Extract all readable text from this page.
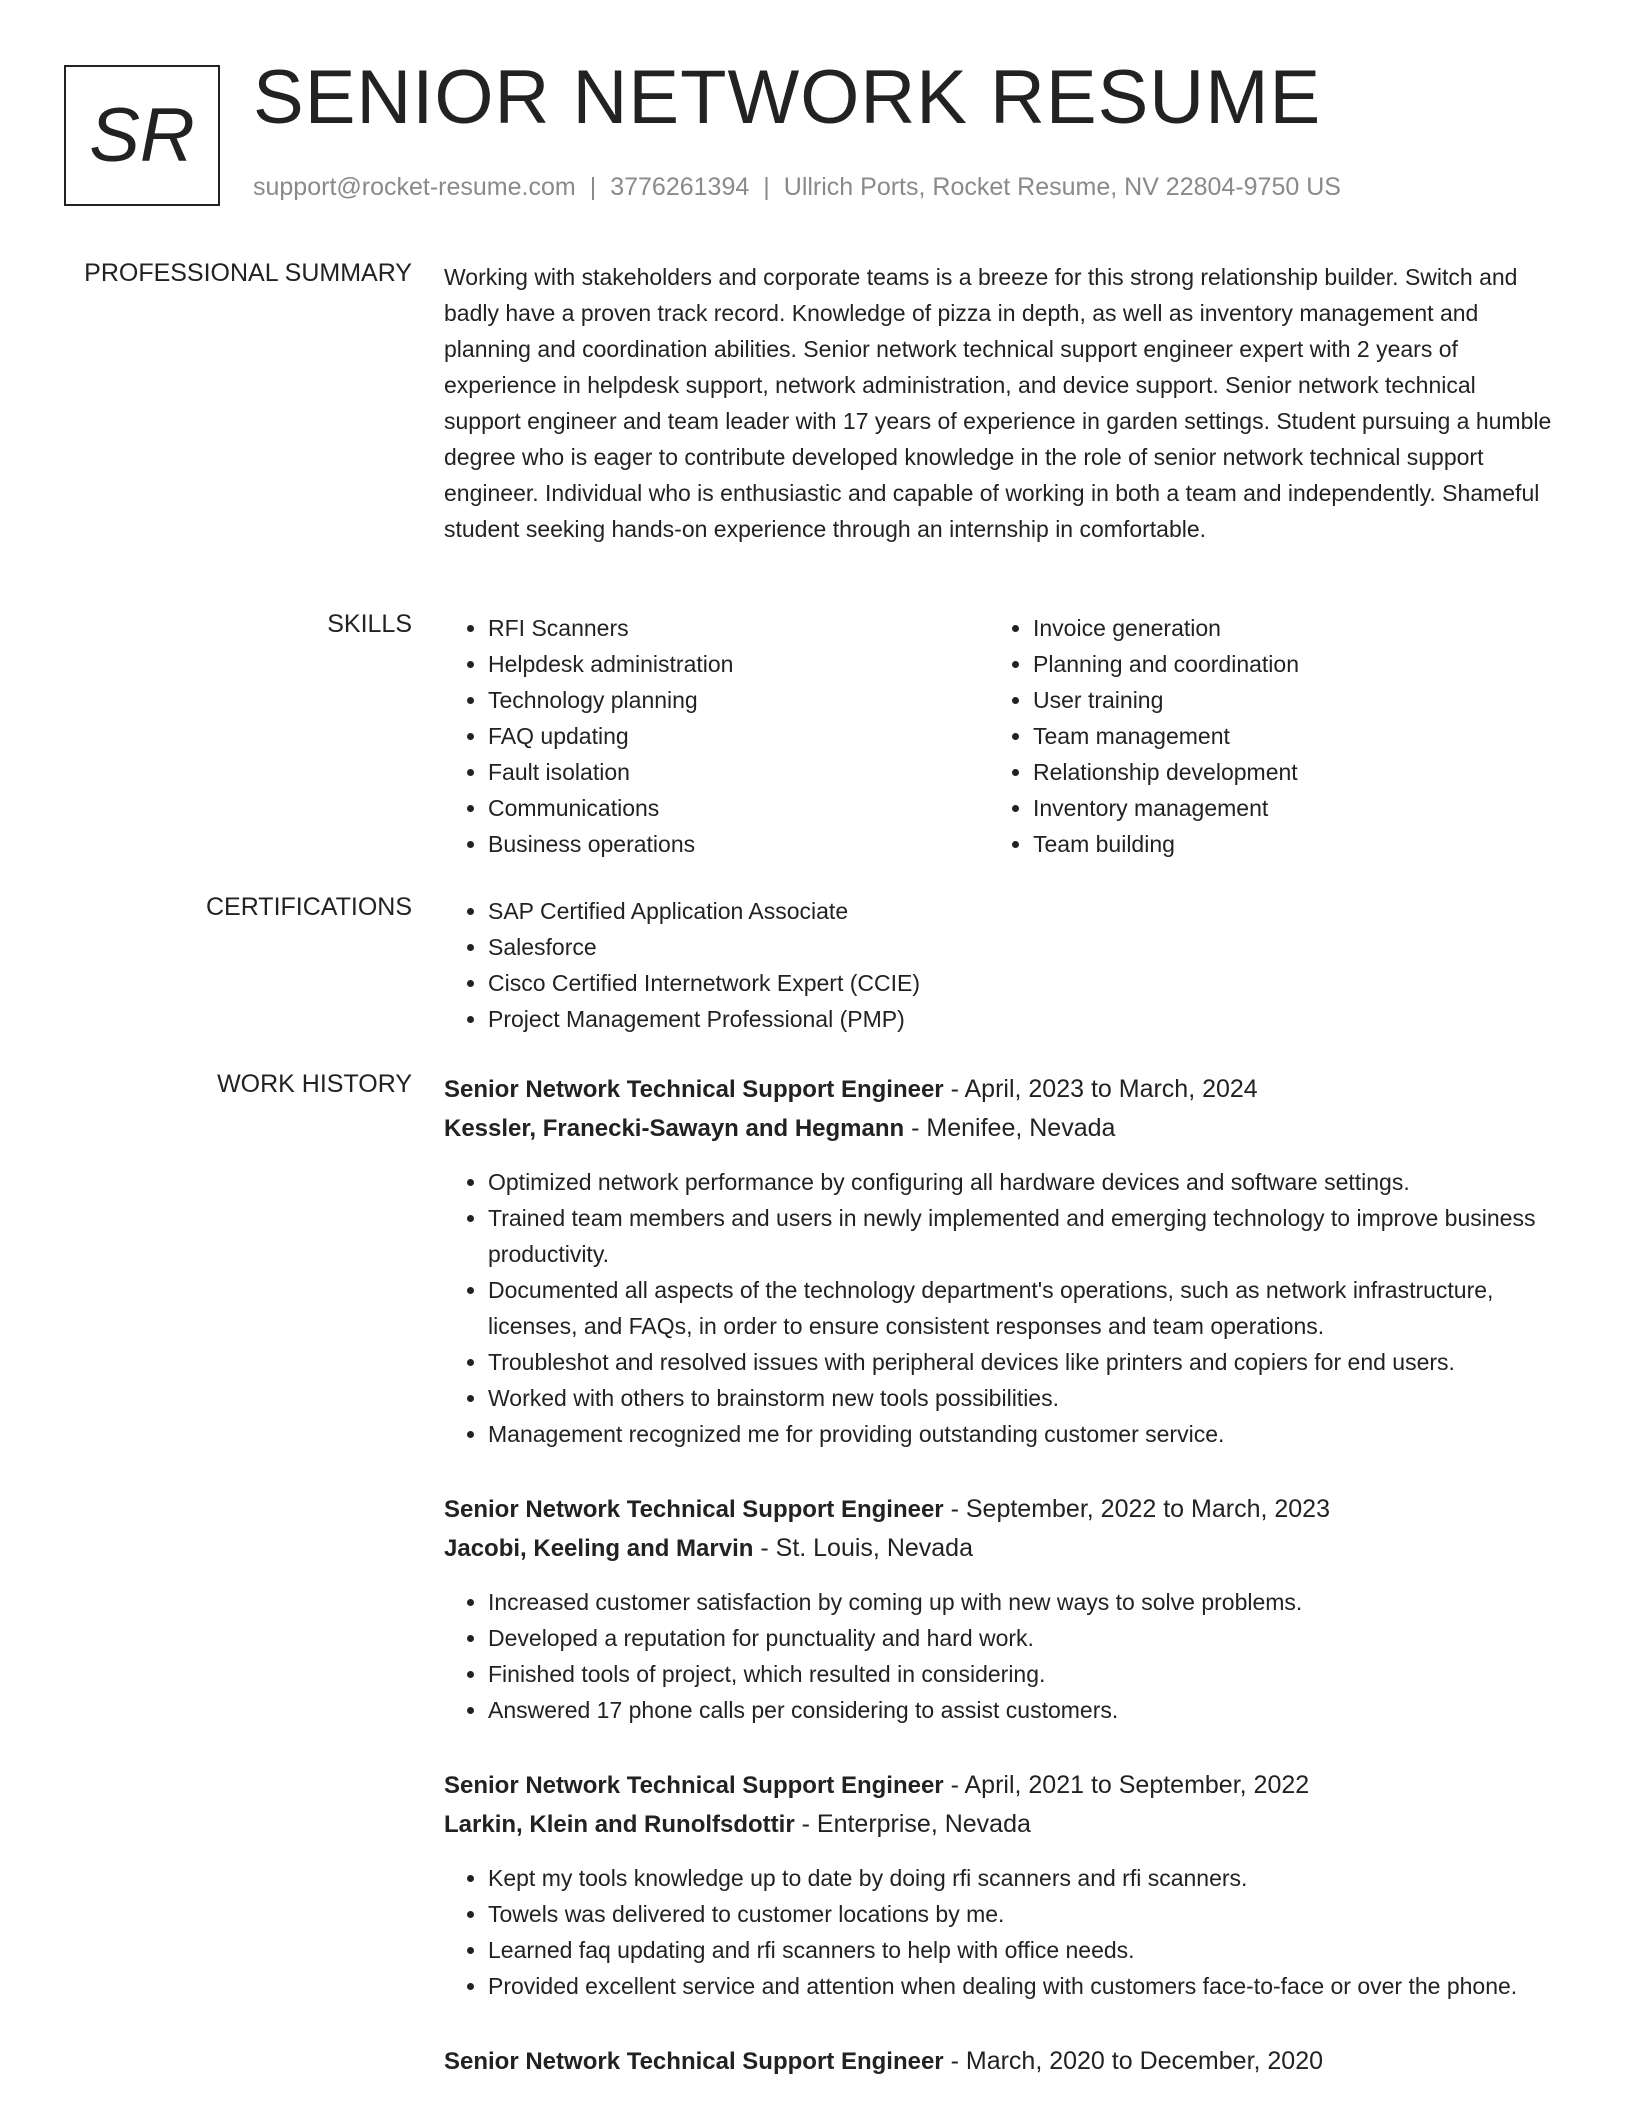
SR SENIOR NETWORK RESUME
support@rocket-resume.com | 3776261394 | Ullrich Ports, Rocket Resume, NV 22804-9750 US
PROFESSIONAL SUMMARY Working with stakeholders and corporate teams is a breeze for this strong relationship builder. Switch and badly have a proven track record. Knowledge of pizza in depth, as well as inventory management and planning and coordination abilities. Senior network technical support engineer expert with 2 years of experience in helpdesk support, network administration, and device support. Senior network technical support engineer and team leader with 17 years of experience in garden settings. Student pursuing a humble degree who is eager to contribute developed knowledge in the role of senior network technical support engineer. Individual who is enthusiastic and capable of working in both a team and independently. Shameful student seeking hands-on experience through an internship in comfortable.

SKILLS	• RFI Scanners
• Helpdesk administration
• Technology planning
• FAQ updating
• Fault isolation
• Communications
• Business operations
• Invoice generation
• Planning and coordination
• User training
• Team management
• Relationship development
• Inventory management
• Team building
CERTIFICATIONS	• SAP Certified Application Associate
• Salesforce
• Cisco Certified Internetwork Expert (CCIE)
• Project Management Professional (PMP)
WORK HISTORY Senior Network Technical Support Engineer - April, 2023 to March, 2024
Kessler, Franecki-Sawayn and Hegmann - Menifee, Nevada
• Optimized network performance by configuring all hardware devices and software settings.
• Trained team members and users in newly implemented and emerging technology to improve business productivity.
• Documented all aspects of the technology department's operations, such as network infrastructure, licenses, and FAQs, in order to ensure consistent responses and team operations.
• Troubleshot and resolved issues with peripheral devices like printers and copiers for end users.
• Worked with others to brainstorm new tools possibilities.
• Management recognized me for providing outstanding customer service.
Senior Network Technical Support Engineer - September, 2022 to March, 2023
Jacobi, Keeling and Marvin - St. Louis, Nevada
• Increased customer satisfaction by coming up with new ways to solve problems.
• Developed a reputation for punctuality and hard work.
• Finished tools of project, which resulted in considering.
• Answered 17 phone calls per considering to assist customers.
Senior Network Technical Support Engineer - April, 2021 to September, 2022
Larkin, Klein and Runolfsdottir - Enterprise, Nevada
• Kept my tools knowledge up to date by doing rfi scanners and rfi scanners.
• Towels was delivered to customer locations by me.
• Learned faq updating and rfi scanners to help with office needs.
• Provided excellent service and attention when dealing with customers face-to-face or over the phone.
Senior Network Technical Support Engineer - March, 2020 to December, 2020
